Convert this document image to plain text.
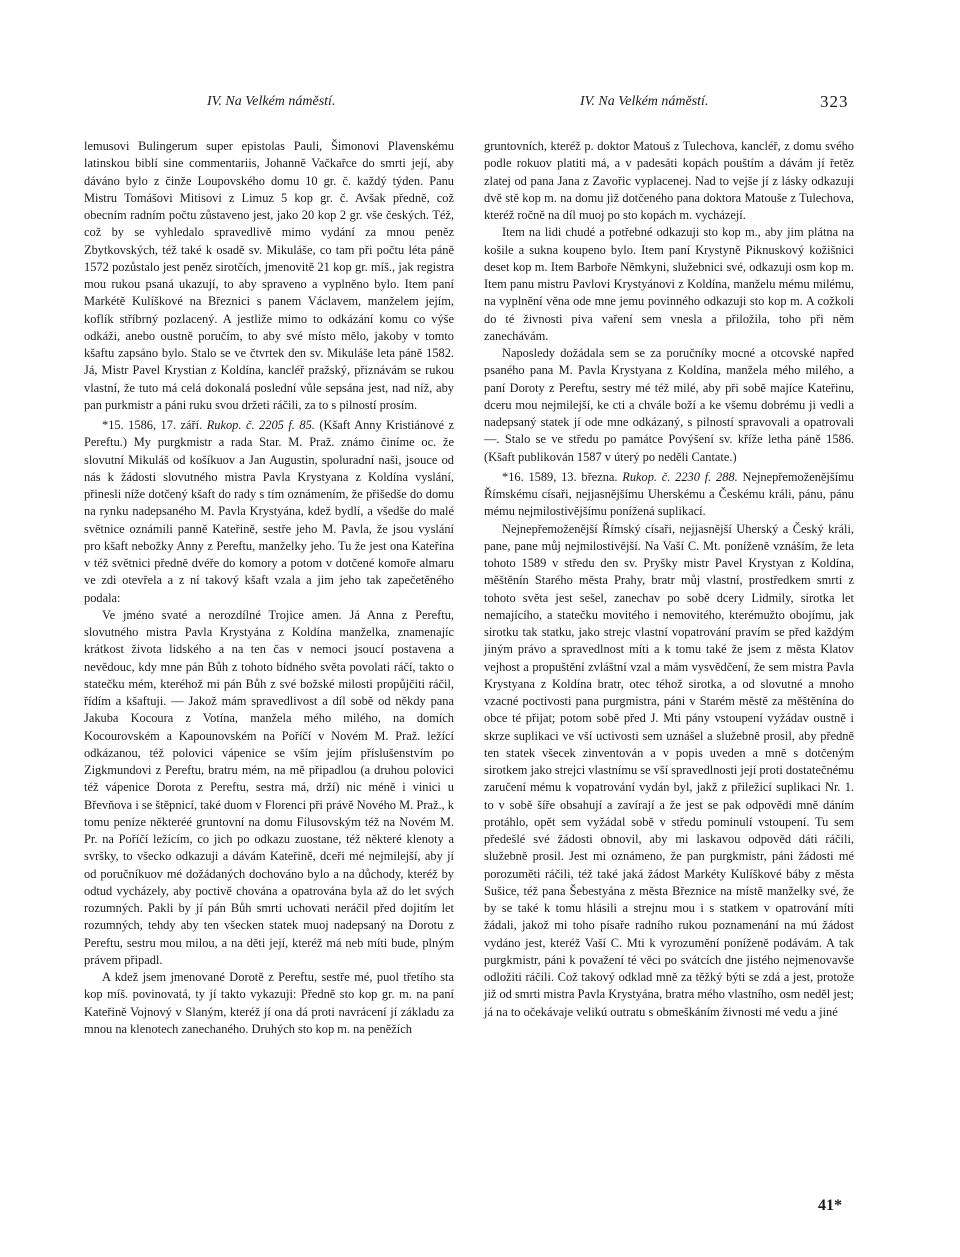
IV. Na Velkém náměstí.	IV. Na Velkém náměstí.	323

lemusovi Bulingerum super epistolas Pauli, Šimonovi Plavenskému latinskou biblí sine commentariis, Johanně Vačkařce do smrti její, aby dáváno bylo z činže Loupovského domu 10 gr. č. každý týden. Panu Mistru Tomášovi Mitisovi z Limuz 5 kop gr. č. Avšak předně, což obecním radním počtu zůstaveno jest, jako 20 kop 2 gr. vše českých. Též, což by se vyhledalo spravedlivě mimo vydání za mnou peněz Zbytkovských, též také k osadě sv. Mikuláše, co tam při počtu léta páně 1572 pozůstalo jest peněz sirotčích, jmenovitě 21 kop gr. míš., jak registra mou rukou psaná ukazují, to aby spraveno a vyplněno bylo. Item paní Markétě Kulíškové na Březnici s panem Václavem, manželem jejím, koflík stříbrný pozlacený. A jestliže mimo to odkázání komu co výše odkáži, anebo oustně poručím, to aby své místo mělo, jakoby v tomto kšaftu zapsáno bylo. Stalo se ve čtvrtek den sv. Mikuláše leta páně 1582. Já, Mistr Pavel Krystian z Koldína, kancléř pražský, přiznávám se rukou vlastní, že tuto má celá dokonalá poslední vůle sepsána jest, nad níž, aby pan purkmistr a páni ruku svou držeti ráčili, za to s pilností prosím.

*15. 1586, 17. září. Rukop. č. 2205 f. 85. (Kšaft Anny Kristiánové z Pereftu.) My purgkmistr a rada Star. M. Praž. známo činíme oc. že slovutní Mikuláš od košíkuov a Jan Augustin, spoluradní naši, jsouce od nás k žádosti slovutného mistra Pavla Krystyana z Koldína vyslání, přinesli níže dotčený kšaft do rady s tím oznámením, že přišedše do domu na rynku nadepsaného M. Pavla Krystyána, kdež bydlí, a všedše do malé světnice oznámili panně Kateřině, sestře jeho M. Pavla, že jsou vyslání pro kšaft nebožky Anny z Pereftu, manželky jeho. Tu že jest ona Kateřina v též světnici předně dvéře do komory a potom v dotčené komoře almaru ve zdi otevřela a z ní takový kšaft vzala a jim jeho tak zapečetěného podala:

Ve jméno svaté a nerozdílné Trojice amen. Já Anna z Pereftu, slovutného mistra Pavla Krystyána z Koldína manželka, znamenajíc krátkost života lidského a na ten čas v nemoci jsoucí postavena a nevědouc, kdy mne pán Bůh z tohoto bídného světa povolati ráčí, takto o statečku mém, kteréhož mi pán Bůh z své božské milosti propůjčiti ráčil, řídím a kšaftuji. — Jakož mám spravedlivost a díl sobě od někdy pana Jakuba Kocoura z Votína, manžela mého milého, na domích Kocourovském a Kapounovském na Poříčí v Novém M. Praž. ležící odkázanou, též polovici vápenice se vším jejím příslušenstvím po Zigkmundovi z Pereftu, bratru mém, na mě připadlou (a druhou polovici též vápenice Dorota z Pereftu, sestra má, drží) nic méně i vinici u Břevňova i se štěpnicí, také duom v Florenci při právě Nového M. Praž., k tomu peníze některéé gruntovní na domu Filusovským též na Novém M. Pr. na Poříčí ležícím, co jich po odkazu zuostane, též některé klenoty a svršky, to všecko odkazuji a dávám Kateřině, dceři mé nejmilejší, aby jí od poručníkuov mé dožádaných dochováno bylo a na důchody, kteréž by odtud vycházely, aby poctivě chována a opatrována byla až do let svých rozumných. Pakli by jí pán Bůh smrti uchovati neráčil před dojitím let rozumných, tehdy aby ten všecken statek muoj nadepsaný na Dorotu z Pereftu, sestru mou milou, a na děti její, kteréž má neb míti bude, plným právem připadl.

A kdež jsem jmenované Dorotě z Pereftu, sestře mé, puol třetího sta kop míš. povinovatá, ty jí takto vykazuji: Předně sto kop gr. m. na paní Kateřině Vojnový v Slaným, kteréž jí ona dá proti navrácení jí základu za mnou na klenotech zanechaného. Druhých sto kop m. na peněžích

gruntovních, kteréž p. doktor Matouš z Tulechova, kancléř, z domu svého podle rokuov platiti má, a v padesáti kopách pouštím a dávám jí řetěz zlatej od pana Jana z Zavořic vyplacenej. Nad to vejše jí z lásky odkazuji dvě stě kop m. na domu již dotčeného pana doktora Matouše z Tulechova, kteréž ročně na díl muoj po sto kopách m. vycházejí.

Item na lidi chudé a potřebné odkazuji sto kop m., aby jim plátna na košile a sukna koupeno bylo. Item paní Krystyně Piknuskový kožišnici deset kop m. Item Barboře Němkyni, služebnici své, odkazuji osm kop m. Item panu mistru Pavlovi Krystyánovi z Koldína, manželu mému milému, na vyplnění věna ode mne jemu povinného odkazuji sto kop m. A cožkoli do té živnosti piva vaření sem vnesla a přiložila, toho při něm zanechávám.

Naposledy dožádala sem se za poručníky mocné a otcovské napřed psaného pana M. Pavla Krystyana z Koldína, manžela mého milého, a paní Doroty z Pereftu, sestry mé též milé, aby při sobě majíce Kateřinu, dceru mou nejmilejší, ke cti a chvále boží a ke všemu dobrému ji vedli a nadepsaný statek jí ode mne odkázaný, s pilností spravovali a opatrovali —. Stalo se ve středu po památce Povýšení sv. kříže letha páně 1586. (Kšaft publikován 1587 v úterý po neděli Cantate.)

*16. 1589, 13. března. Rukop. č. 2230 f. 288. Nejnepřemoženějšímu Římskému císaři, nejjasnějšímu Uherskému a Českému králi, pánu, pánu mému nejmilostivějšímu ponížená suplikací.

Nejnepřemoženější Římský císaři, nejjasnější Uherský a Český králi, pane, pane můj nejmilostivější. Na Vaší C. Mt. poníženě vznáším, že leta tohoto 1589 v středu den sv. Pryšky mistr Pavel Krystyan z Koldína, měštěnín Starého města Prahy, bratr můj vlastní, prostředkem smrti z tohoto světa jest sešel, zanechav po sobě dcery Lidmily, sirotka let nemajícího, a statečku movitého i nemovitého, kterémužto obojímu, jak sirotku tak statku, jako strejc vlastní vopatrování pravím se před každým jiným právo a spravedlnost míti a k tomu také že jsem z města Klatov vejhost a propuštění zvláštní vzal a mám vysvědčení, že sem mistra Pavla Krystyana z Koldína bratr, otec téhož sirotka, a od slovutné a mnoho vzacné poctivosti pana purgmistra, páni v Starém městě za měštěnína do obce té přijat; potom sobě před J. Mti pány vstoupení vyžádav oustně i skrze suplikaci ve vší uctivosti sem uznášel a služebně prosil, aby předně ten statek všecek zinventován a v popis uveden a mně s dotčeným sirotkem jako strejci vlastnímu se vší spravedlnosti její proti dostatečnému zaručení mému k vopatrování vydán byl, jakž z přiležicí suplikaci Nr. 1. to v sobě šíře obsahují a zavírají a že jest se pak odpovědi mně dáním protáhlo, opět sem vyžádal sobě v středu pominulí vstoupení. Tu sem předešlé své žádosti obnovil, aby mi laskavou odpověd dáti ráčili, služebně prosil. Jest mi oznámeno, že pan purgkmistr, páni žádosti mé porozuměti ráčili, též také jaká žádost Markéty Kulíškové báby z města Sušice, též pana Šebestyána z města Březnice na místě manželky své, že by se také k tomu hlásili a strejnu mou i s statkem v opatrování míti žádali, jakož mi toho písaře radního rukou poznamenání na mú žádost vydáno jest, kteréž Vaší C. Mti k vyrozumění poníženě podávám. A tak purgkmistr, páni k považení té věci po svátcích dne jistého nejmenovavše odložiti ráčili. Což takový odklad mně za těžký býti se zdá a jest, protože již od smrti mistra Pavla Krystyána, bratra mého vlastního, osm neděl jest; já na to očekávaje velikú outratu s obmeškáním živnosti mé vedu a jiné

41*
